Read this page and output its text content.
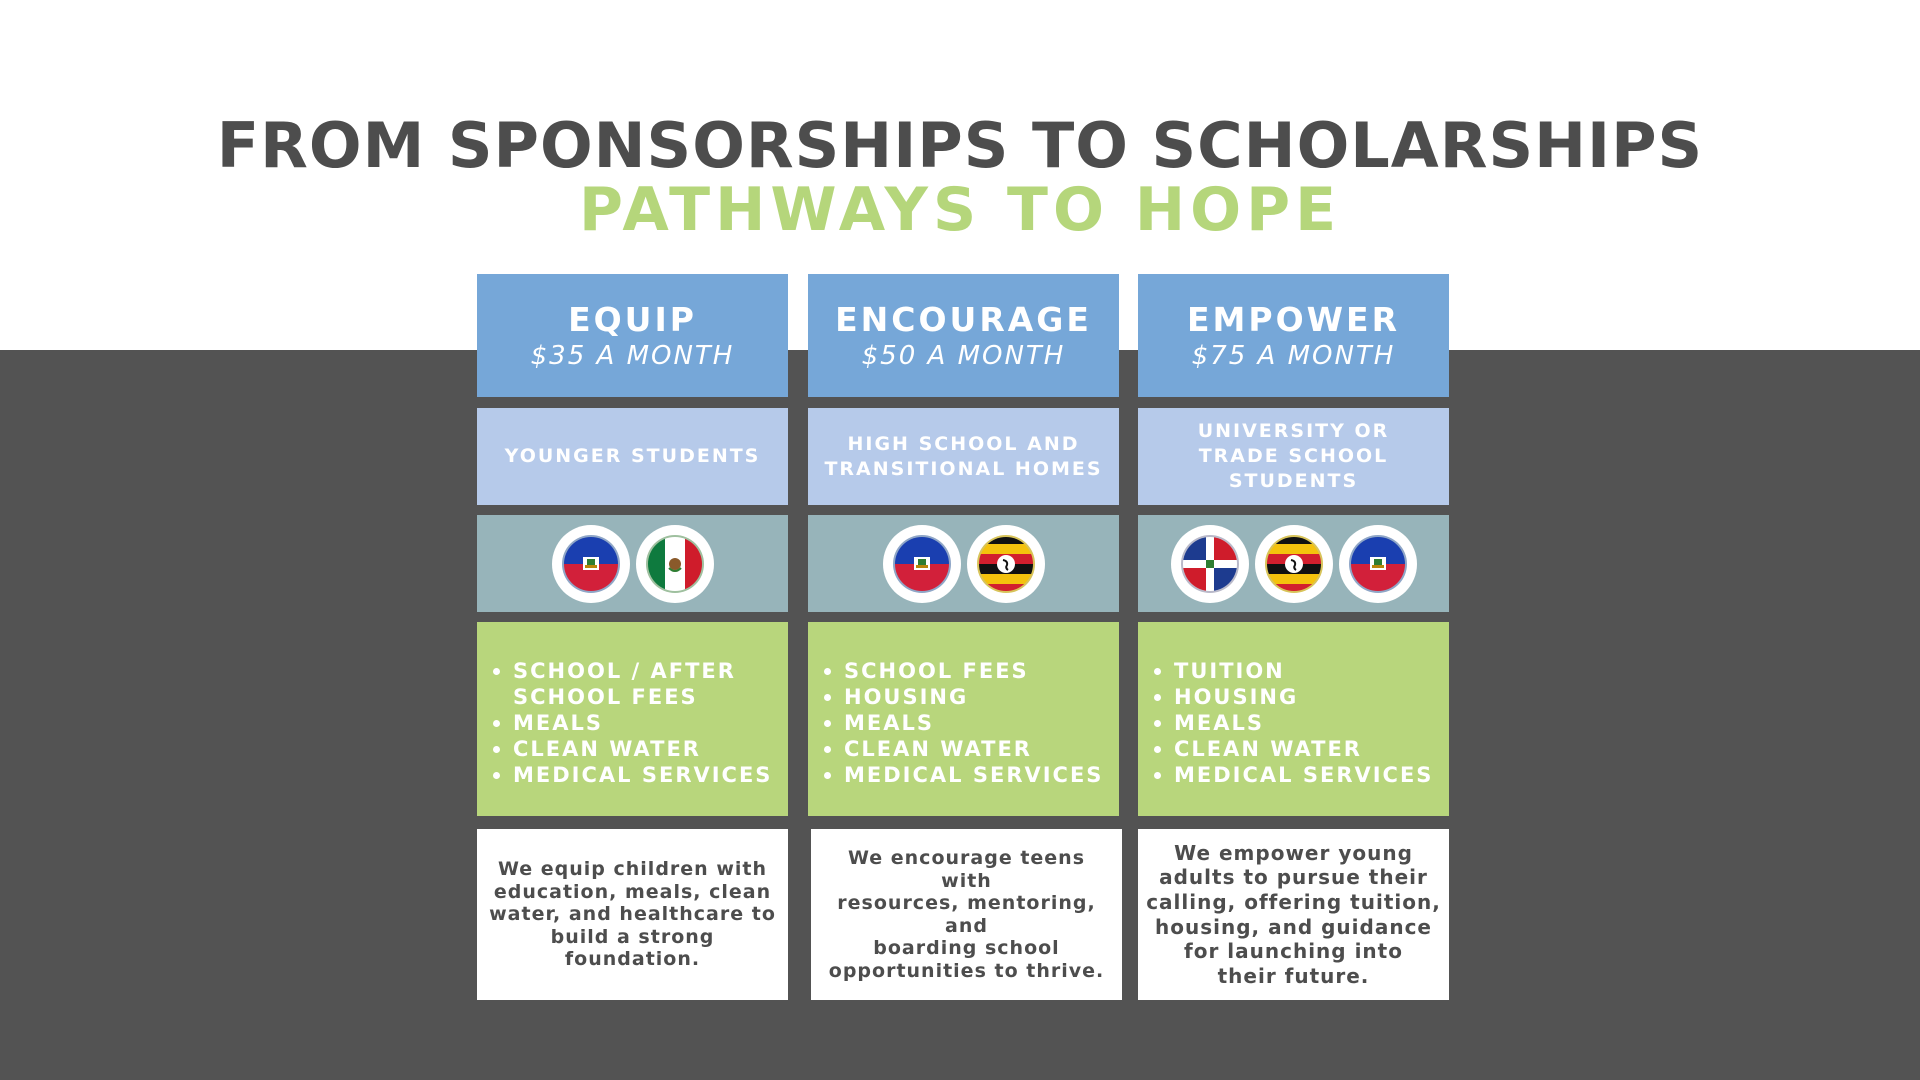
FROM SPONSORSHIPS TO SCHOLARSHIPS
PATHWAYS TO HOPE
EQUIP
$35 A MONTH
YOUNGER STUDENTS
SCHOOL / AFTER SCHOOL FEES
MEALS
CLEAN WATER
MEDICAL SERVICES
We equip children with
education, meals, clean
water, and healthcare to
build a strong foundation.
ENCOURAGE
$50 A MONTH
HIGH SCHOOL AND
TRANSITIONAL HOMES
SCHOOL FEES
HOUSING
MEALS
CLEAN WATER
MEDICAL SERVICES
We encourage teens with
resources, mentoring, and
boarding school
opportunities to thrive.
EMPOWER
$75 A MONTH
UNIVERSITY OR
TRADE SCHOOL
STUDENTS
TUITION
HOUSING
MEALS
CLEAN WATER
MEDICAL SERVICES
We empower young
adults to pursue their
calling, offering tuition,
housing, and guidance
for launching into
their future.
